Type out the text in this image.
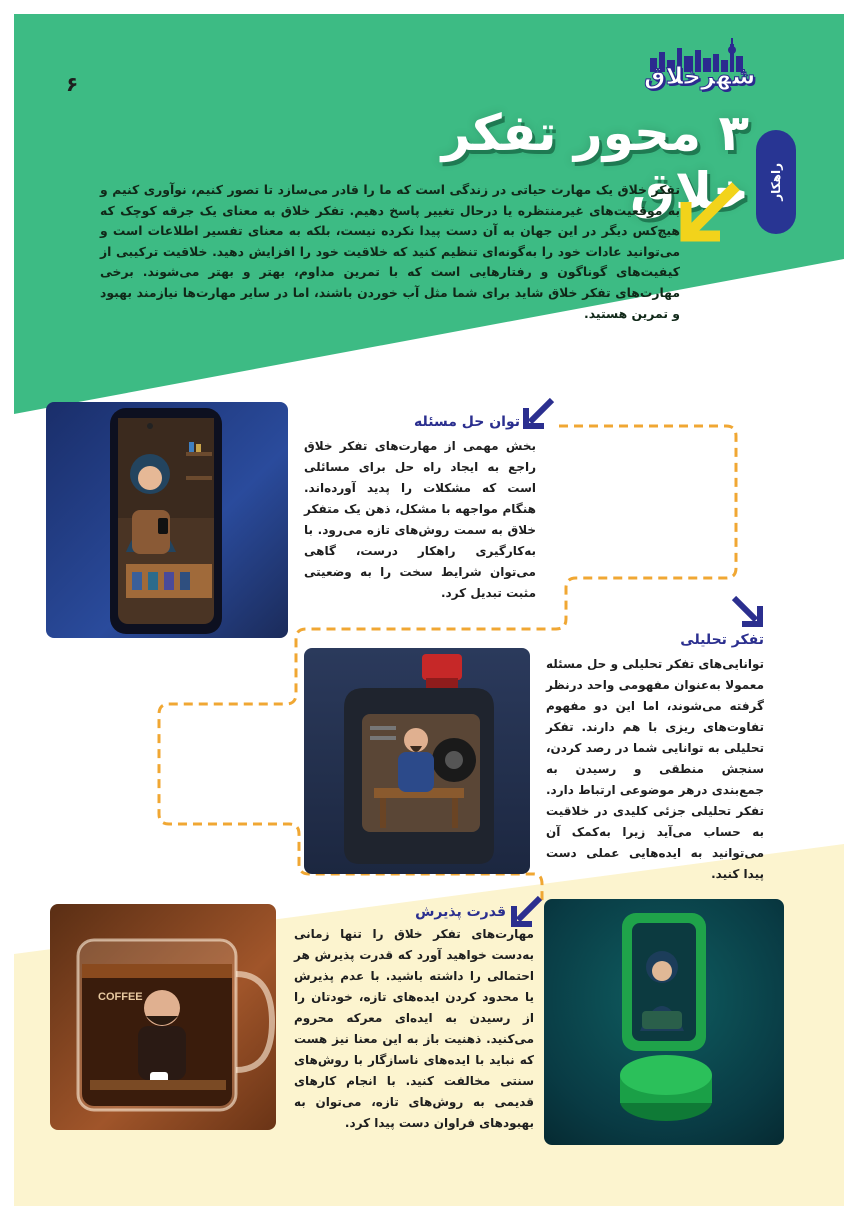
۶	شهرخلاق
راهکار
۳ محور تفکر خلاق
تفکر خلاق یک مهارت حیاتی در زندگی است که ما را قادر می‌سازد تا تصور کنیم، نوآوری کنیم و به موقعیت‌های غیرمنتظره یا درحال تغییر پاسخ دهیم. تفکر خلاق به معنای یک جرقه کوچک که هیچ‌کس دیگر در این جهان به آن دست پیدا نکرده نیست، بلکه به معنای تفسیر اطلاعات است و می‌توانید عادات خود را به‌گونه‌ای تنظیم کنید که خلاقیت خود را افزایش دهید. خلاقیت ترکیبی از کیفیت‌های گوناگون و رفتارهایی است که با تمرین مداوم، بهتر و بهتر می‌شوند. برخی مهارت‌های تفکر خلاق شاید برای شما مثل آب خوردن باشند، اما در سایر مهارت‌ها نیازمند بهبود و تمرین هستید.
توان حل مسئله
بخش مهمی از مهارت‌های تفکر خلاق راجع به ایجاد راه حل برای مسائلی است که مشکلات را پدید آورده‌اند. هنگام مواجهه با مشکل، ذهن یک متفکر خلاق به سمت روش‌های تازه می‌رود. با به‌کارگیری راهکار درست، گاهی می‌توان شرایط سخت را به وضعیتی مثبت تبدیل کرد.
تفکر تحلیلی
توانایی‌های تفکر تحلیلی و حل مسئله معمولا به‌عنوان مفهومی واحد درنظر گرفته می‌شوند، اما این دو مفهوم تفاوت‌های ریزی با هم دارند. تفکر تحلیلی به توانایی شما در رصد کردن، سنجش منطقی و رسیدن به جمع‌بندی درهر موضوعی ارتباط دارد. تفکر تحلیلی جزئی کلیدی در خلاقیت به حساب می‌آید زیرا به‌کمک آن می‌توانید به ایده‌هایی عملی دست پیدا کنید.
COFFEE
قدرت پذیرش
مهارت‌های تفکر خلاق را تنها زمانی به‌دست خواهید آورد که قدرت پذیرش هر احتمالی را داشته باشید. با عدم پذیرش یا محدود کردن ایده‌های تازه، خودتان را از رسیدن به ایده‌ای معرکه محروم می‌کنید. ذهنیت باز به این معنا نیز هست که نباید با ایده‌های ناسازگار با روش‌های سنتی مخالفت کنید. با انجام کارهای قدیمی به روش‌های تازه، می‌توان به بهبودهای فراوان دست پیدا کرد.
